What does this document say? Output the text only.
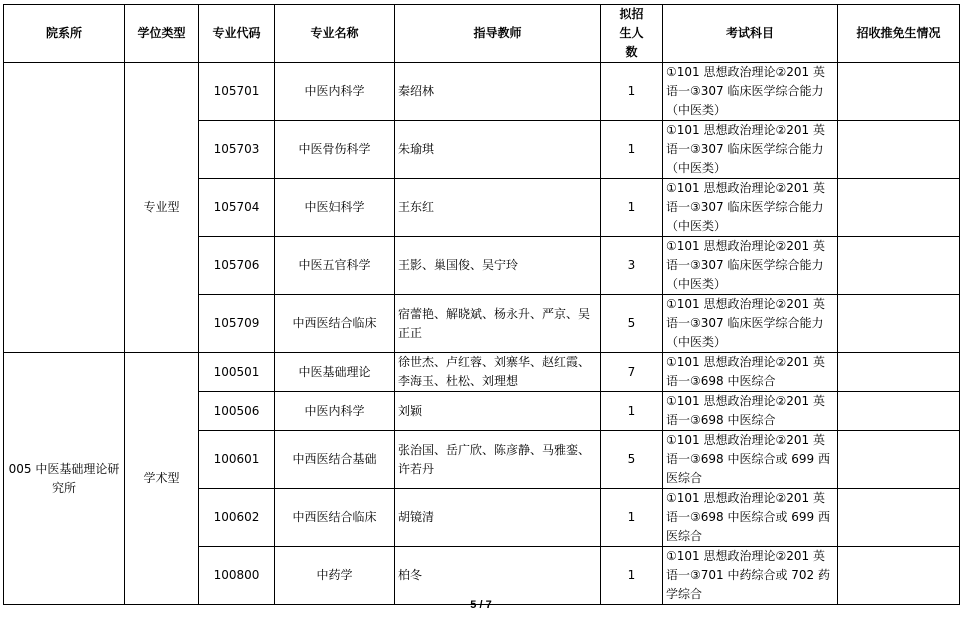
院系所	学位类型	专业代码	专业名称	指导教师	拟招生人数	考试科目	招收推免生情况
	专业型	105701	中医内科学	秦绍林	1	①101 思想政治理论②201 英语一③307 临床医学综合能力（中医类）	
		105703	中医骨伤科学	朱瑜琪	1	①101 思想政治理论②201 英语一③307 临床医学综合能力（中医类）	
		105704	中医妇科学	王东红	1	①101 思想政治理论②201 英语一③307 临床医学综合能力（中医类）	
		105706	中医五官科学	王影、巢国俊、吴宁玲	3	①101 思想政治理论②201 英语一③307 临床医学综合能力（中医类）	
		105709	中西医结合临床	宿蕾艳、解晓斌、杨永升、严京、吴正正	5	①101 思想政治理论②201 英语一③307 临床医学综合能力（中医类）	
005 中医基础理论研究所	学术型	100501	中医基础理论	徐世杰、卢红蓉、刘寨华、赵红霞、李海玉、杜松、刘理想	7	①101 思想政治理论②201 英语一③698 中医综合	
		100506	中医内科学	刘颖	1	①101 思想政治理论②201 英语一③698 中医综合	
		100601	中西医结合基础	张治国、岳广欣、陈彦静、马雅銮、许若丹	5	①101 思想政治理论②201 英语一③698 中医综合或 699 西医综合	
		100602	中西医结合临床	胡镜清	1	①101 思想政治理论②201 英语一③698 中医综合或 699 西医综合	
		100800	中药学	柏冬	1	①101 思想政治理论②201 英语一③701 中药综合或 702 药学综合	
5 / 7
